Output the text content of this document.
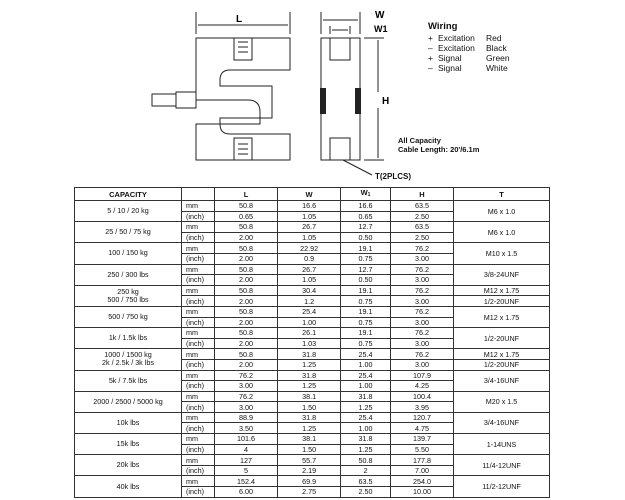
L	W
W1
H
Wiring
+ Excitation	Red
– Excitation	Black
+ Signal	Green
– Signal	White
All Capacity
Cable Length: 20'/6.1m
T(2PLCS)
CAPACITY		L	W	$W_1$	H	T

5 / 10 / 20 kg	mm	50.8	16.6	16.6	63.5	M6 x 1.0
	(inch)	0.65	1.05	0.65	2.50	

25 / 50 / 75 kg	mm	50.8	26.7	12.7	63.5	M6 x 1.0
	(inch)	2.00	1.05	0.50	2.50	

100 / 150 kg	mm	50.8	22.92	19.1	76.2	M10 x 1.5
	(inch)	2.00	0.9	0.75	3.00	

250 / 300 lbs	mm	50.8	26.7	12.7	76.2	3/8-24UNF
	(inch)	2.00	1.05	0.50	3.00	

250 kg
500 / 750 lbs	mm	50.8	30.4	19.1	76.2	M12 x 1.75
	(inch)	2.00	1.2	0.75	3.00	1/2-20UNF

500 / 750 kg	mm	50.8	25.4	19.1	76.2	M12 x 1.75
	(inch)	2.00	1.00	0.75	3.00	

1k / 1.5k lbs	mm	50.8	26.1	19.1	76.2	1/2-20UNF
	(inch)	2.00	1.03	0.75	3.00	

1000 / 1500 kg
2k / 2.5k / 3k lbs	mm	50.8	31.8	25.4	76.2	M12 x 1.75
	(inch)	2.00	1.25	1.00	3.00	1/2-20UNF

5k / 7.5k lbs	mm	76.2	31.8	25.4	107.9	3/4-16UNF
	(inch)	3.00	1.25	1.00	4.25	

2000 / 2500 / 5000 kg	mm	76.2	38.1	31.8	100.4	M20 x 1.5
	(inch)	3.00	1.50	1.25	3.95	

10k lbs	mm	88.9	31.8	25.4	120.7	3/4-16UNF
	(inch)	3.50	1.25	1.00	4.75	

15k lbs	mm	101.6	38.1	31.8	139.7	1-14UNS
	(inch)	4	1.50	1.25	5.50	

20k lbs	mm	127	55.7	50.8	177.8	11/4-12UNF
	(inch)	5	2.19	2	7.00	

40k lbs	mm	152.4	69.9	63.5	254.0	11/2-12UNF
	(inch)	6.00	2.75	2.50	10.00	
